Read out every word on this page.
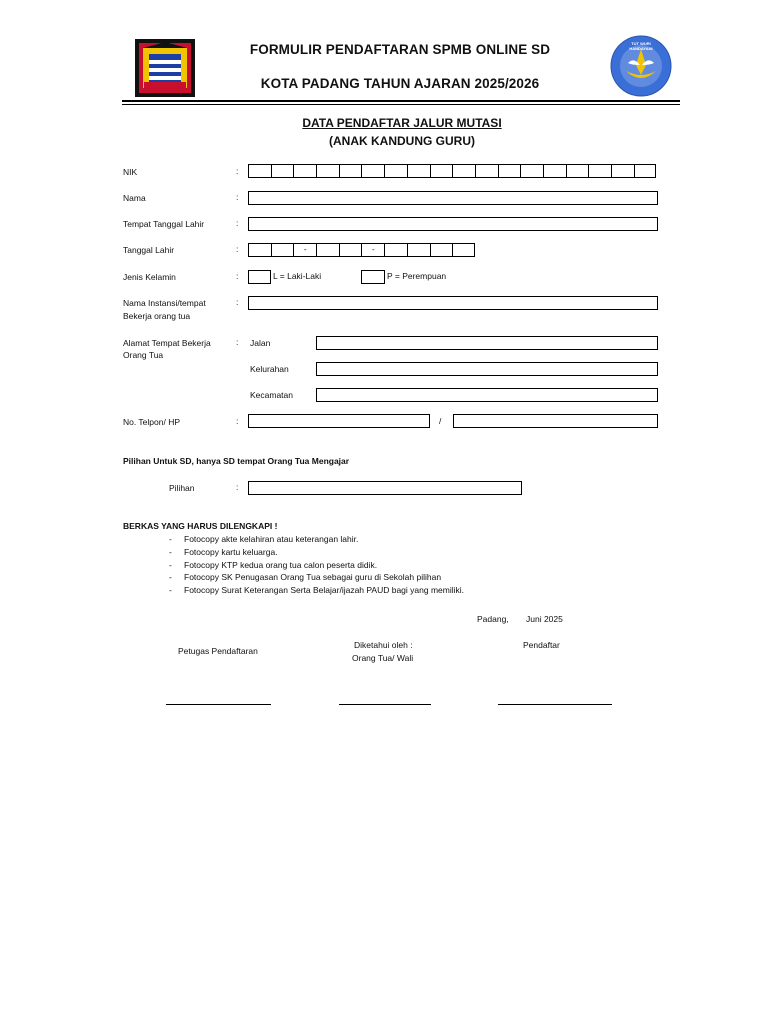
FORMULIR PENDAFTARAN SPMB ONLINE SD
KOTA PADANG TAHUN AJARAN 2025/2026
TUT WURI HANDAYANI
DATA PENDAFTAR JALUR MUTASI
(ANAK KANDUNG GURU)
NIK	:
Nama	:
Tempat Tanggal Lahir	:
Tanggal Lahir	:	-	-
Jenis Kelamin	:	L = Laki-Laki	P = Perempuan
Nama Instansi/tempat
Bekerja orang tua
:
Alamat Tempat Bekerja
Orang Tua
: Jalan
Kelurahan
Kecamatan
No. Telpon/ HP	:	/
Pilihan Untuk SD, hanya SD tempat Orang Tua Mengajar
Pilihan	:
BERKAS YANG HARUS DILENGKAPI !
- Fotocopy akte kelahiran atau keterangan lahir.
- Fotocopy kartu keluarga.
- Fotocopy KTP kedua orang tua calon peserta didik.
- Fotocopy SK Penugasan Orang Tua sebagai guru di Sekolah pilihan
- Fotocopy Surat Keterangan Serta Belajar/ijazah PAUD bagi yang memiliki.
Padang, Juni 2025
Petugas Pendaftaran
Diketahui oleh :
Orang Tua/ Wali
Pendaftar
